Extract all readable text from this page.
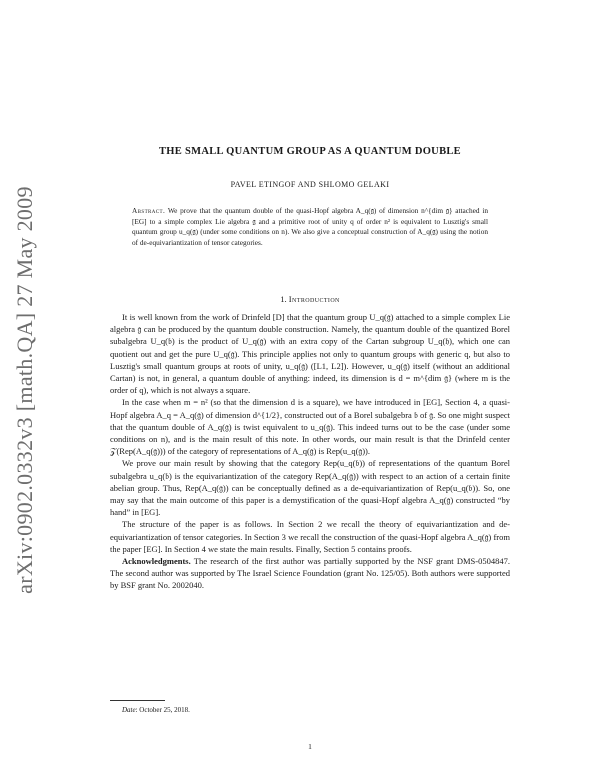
arXiv:0902.0332v3 [math.QA] 27 May 2009
THE SMALL QUANTUM GROUP AS A QUANTUM DOUBLE
PAVEL ETINGOF AND SHLOMO GELAKI

Abstract. We prove that the quantum double of the quasi-Hopf algebra A_q(𝔤) of dimension n^{dim 𝔤} attached in [EG] to a simple complex Lie algebra 𝔤 and a primitive root of unity q of order n² is equivalent to Lusztig's small quantum group u_q(𝔤) (under some conditions on n). We also give a conceptual construction of A_q(𝔤) using the notion of de-equivariantization of tensor categories.

1. Introduction

It is well known from the work of Drinfeld [D] that the quantum group U_q(𝔤) attached to a simple complex Lie algebra 𝔤 can be produced by the quantum double construction. Namely, the quantum double of the quantized Borel subalgebra U_q(𝔟) is the product of U_q(𝔤) with an extra copy of the Cartan subgroup U_q(𝔥), which one can quotient out and get the pure U_q(𝔤). This principle applies not only to quantum groups with generic q, but also to Lusztig's small quantum groups at roots of unity, u_q(𝔤) ([L1, L2]). However, u_q(𝔤) itself (without an additional Cartan) is not, in general, a quantum double of anything: indeed, its dimension is d = m^{dim 𝔤} (where m is the order of q), which is not always a square.

In the case when m = n² (so that the dimension d is a square), we have introduced in [EG], Section 4, a quasi-Hopf algebra A_q = A_q(𝔤) of dimension d^{1/2}, constructed out of a Borel subalgebra 𝔟 of 𝔤. So one might suspect that the quantum double of A_q(𝔤) is twist equivalent to u_q(𝔤). This indeed turns out to be the case (under some conditions on n), and is the main result of this note. In other words, our main result is that the Drinfeld center 𝒵(Rep(A_q(𝔤))) of the category of representations of A_q(𝔤) is Rep(u_q(𝔤)).

We prove our main result by showing that the category Rep(u_q(𝔟)) of representations of the quantum Borel subalgebra u_q(𝔟) is the equivariantization of the category Rep(A_q(𝔤)) with respect to an action of a certain finite abelian group. Thus, Rep(A_q(𝔤)) can be conceptually defined as a de-equivariantization of Rep(u_q(𝔟)). So, one may say that the main outcome of this paper is a demystification of the quasi-Hopf algebra A_q(𝔤) constructed “by hand” in [EG].

The structure of the paper is as follows. In Section 2 we recall the theory of equivariantization and de-equivariantization of tensor categories. In Section 3 we recall the construction of the quasi-Hopf algebra A_q(𝔤) from the paper [EG]. In Section 4 we state the main results. Finally, Section 5 contains proofs.

Acknowledgments. The research of the first author was partially supported by the NSF grant DMS-0504847. The second author was supported by The Israel Science Foundation (grant No. 125/05). Both authors were supported by BSF grant No. 2002040.

Date: October 25, 2018.
1
